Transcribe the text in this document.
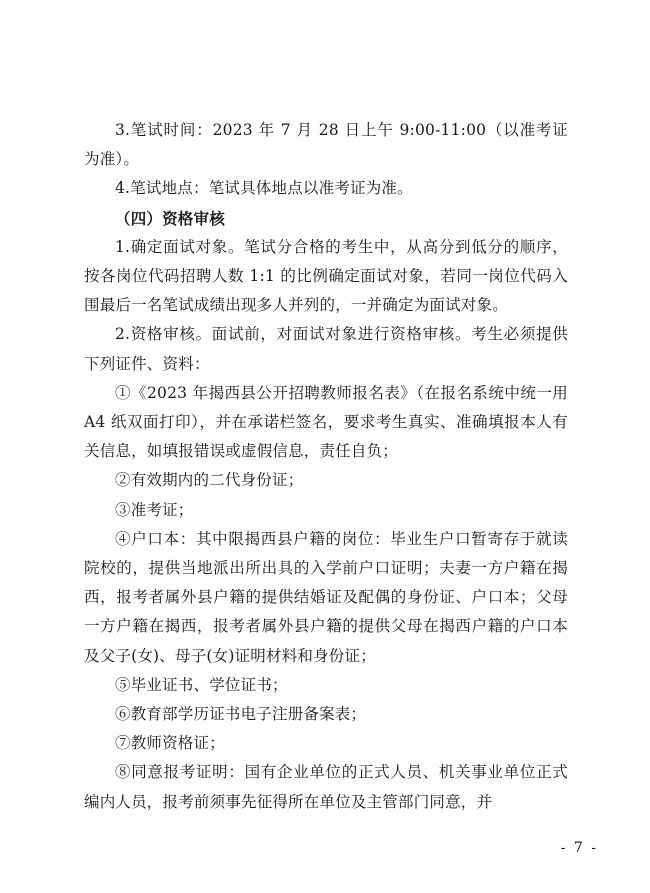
3.笔试时间：2023 年 7 月 28 日上午 9:00-11:00（以准考证为准）。

4.笔试地点：笔试具体地点以准考证为准。

（四）资格审核

1.确定面试对象。笔试分合格的考生中，从高分到低分的顺序，按各岗位代码招聘人数 1:1 的比例确定面试对象，若同一岗位代码入围最后一名笔试成绩出现多人并列的，一并确定为面试对象。

2.资格审核。面试前，对面试对象进行资格审核。考生必须提供下列证件、资料：

①《2023 年揭西县公开招聘教师报名表》（在报名系统中统一用 A4 纸双面打印），并在承诺栏签名，要求考生真实、准确填报本人有关信息，如填报错误或虚假信息，责任自负；

②有效期内的二代身份证；

③准考证；

④户口本：其中限揭西县户籍的岗位：毕业生户口暂寄存于就读院校的，提供当地派出所出具的入学前户口证明；夫妻一方户籍在揭西，报考者属外县户籍的提供结婚证及配偶的身份证、户口本；父母一方户籍在揭西，报考者属外县户籍的提供父母在揭西户籍的户口本及父子(女)、母子(女)证明材料和身份证；

⑤毕业证书、学位证书；

⑥教育部学历证书电子注册备案表；

⑦教师资格证；

⑧同意报考证明：国有企业单位的正式人员、机关事业单位正式编内人员，报考前须事先征得所在单位及主管部门同意，并

- 7 -
